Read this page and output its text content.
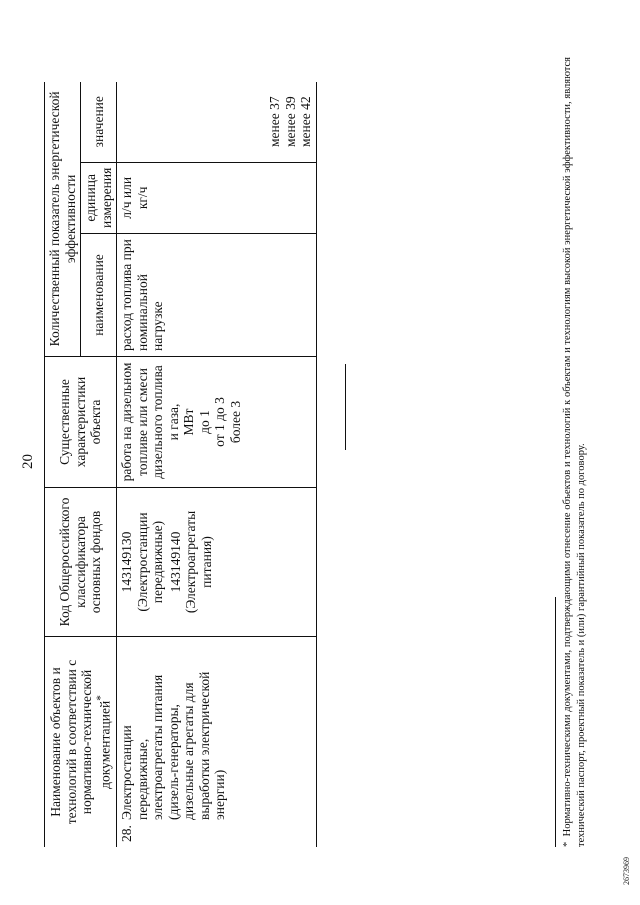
20
Наименование объектов и технологий в соответствии с нормативно-технической документацией*	Код Общероссийского классификатора основных фондов	Существенные характеристики объекта	Количественный показатель энергетической эффективности		
			наименование	единица измерения	значение
28.Электростанции передвижные, электроагрегаты питания (дизель-генераторы, дизельные агрегаты для выработки электрической энергии)	143149130 (Электростанции передвижные) 143149140 (Электроагрегаты питания)	работа на дизельном топливе или смеси дизельного топлива и газа, МВт до 1 от 1 до 3 более 3	расход топлива при номинальной нагрузке	л/ч или кг/ч	менее 37 менее 39 менее 42
*  Нормативно-техническими документами, подтверждающими отнесение объектов и технологий к объектам и технологиям высокой энергетической эффективности, являются технический паспорт, проектный показатель и (или) гарантийный показатель по договору.
2673969
